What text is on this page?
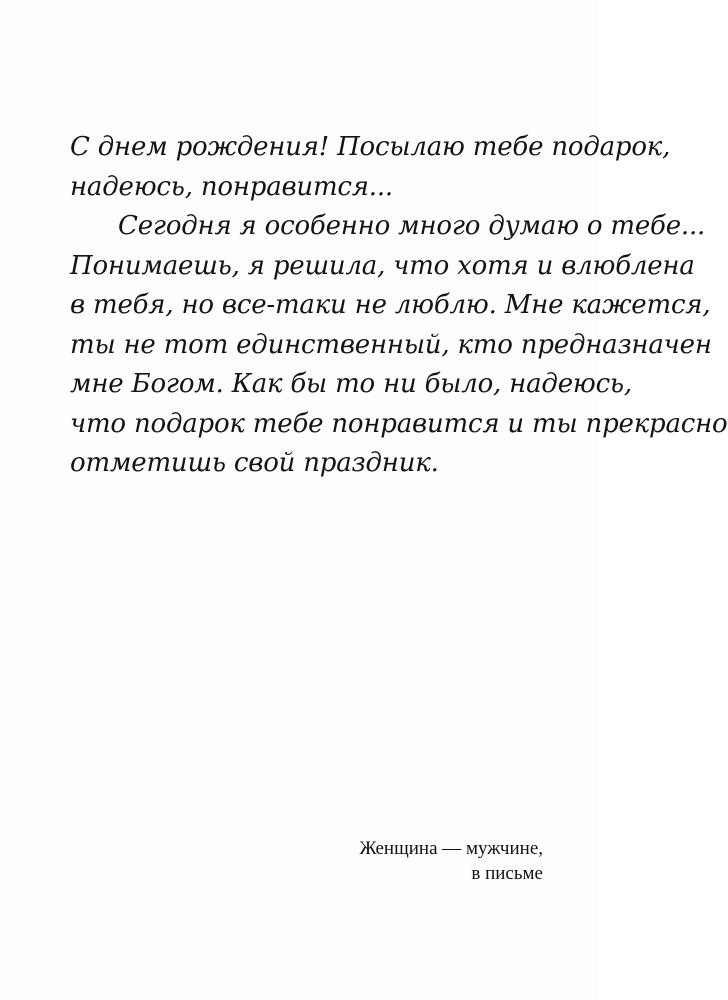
С днем рождения! Посылаю тебе подарок,
надеюсь, понравится...
Сегодня я особенно много думаю о тебе...
Понимаешь, я решила, что хотя и влюблена
в тебя, но все-таки не люблю. Мне кажется,
ты не тот единственный, кто предназначен
мне Богом. Как бы то ни было, надеюсь,
что подарок тебе понравится и ты прекрасно
отметишь свой праздник.
Женщина — мужчине,
в письме
